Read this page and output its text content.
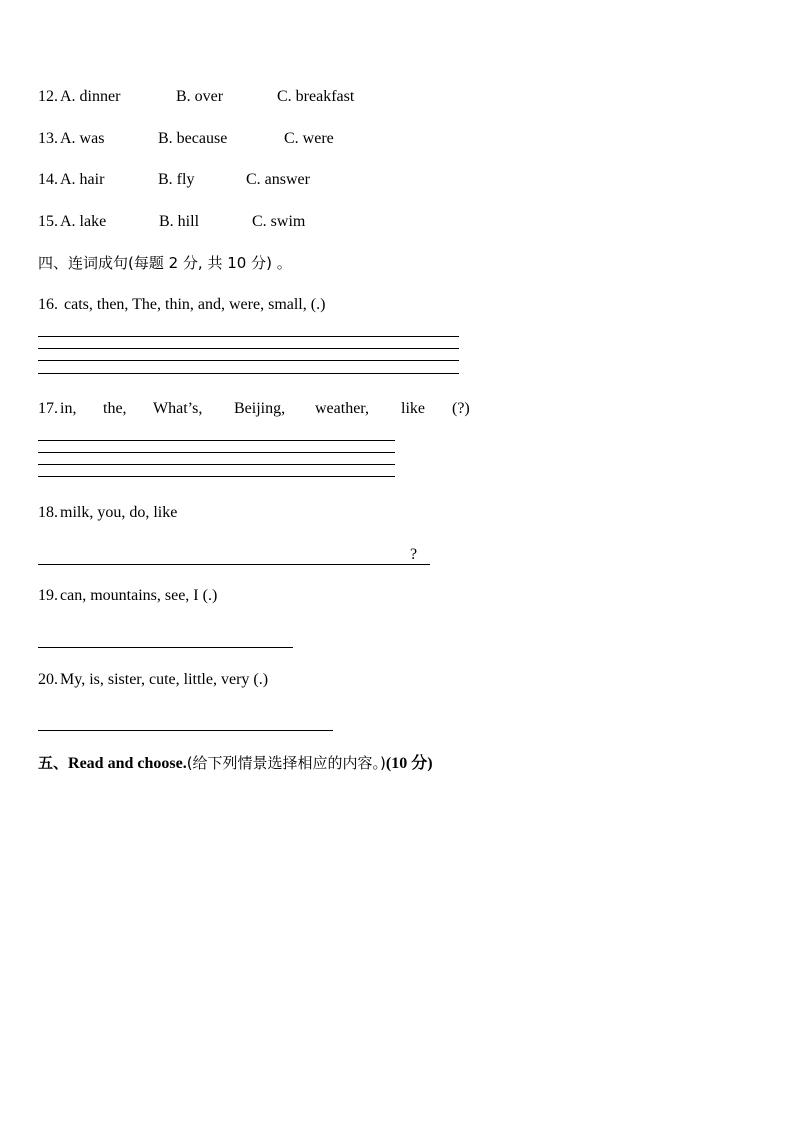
12. A. dinner	B. over	C. breakfast
13. A. was	B. because	C. were
14. A. hair	B. fly	C. answer
15. A. lake	B. hill	C. swim
四、连词成句(每题 2 分, 共 10 分) 。
16. cats, then, The, thin, and, were, small, (.)
17. in, the, What’s, Beijing, weather, like (?)
18. milk, you, do, like
?
19. can, mountains, see, I (.)
20. My, is, sister, cute, little, very (.)
五、Read and choose.(给下列情景选择相应的内容。)(10 分)
